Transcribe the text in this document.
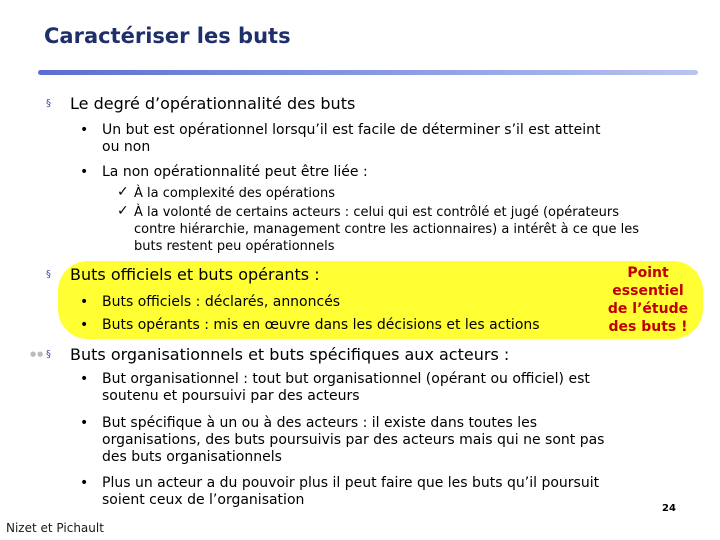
Caractériser les buts
§ Le degré d’opérationnalité des buts
• Un but est opérationnel lorsqu’il est facile de déterminer s’il est atteint
ou non
• La non opérationnalité peut être liée :
✓ À la complexité des opérations
✓ À la volonté de certains acteurs : celui qui est contrôlé et jugé (opérateurs
contre hiérarchie, management contre les actionnaires) a intérêt à ce que les
buts restent peu opérationnels
§ Buts officiels et buts opérants :
• Buts officiels : déclarés, annoncés
• Buts opérants : mis en œuvre dans les décisions et les actions
Point
essentiel
de l’étude
des buts !
●● § Buts organisationnels et buts spécifiques aux acteurs :
• But organisationnel : tout but organisationnel (opérant ou officiel) est
soutenu et poursuivi par des acteurs
• But spécifique à un ou à des acteurs : il existe dans toutes les
organisations, des buts poursuivis par des acteurs mais qui ne sont pas
des buts organisationnels
• Plus un acteur a du pouvoir plus il peut faire que les buts qu’il poursuit
soient ceux de l’organisation
24
Nizet et Pichault
